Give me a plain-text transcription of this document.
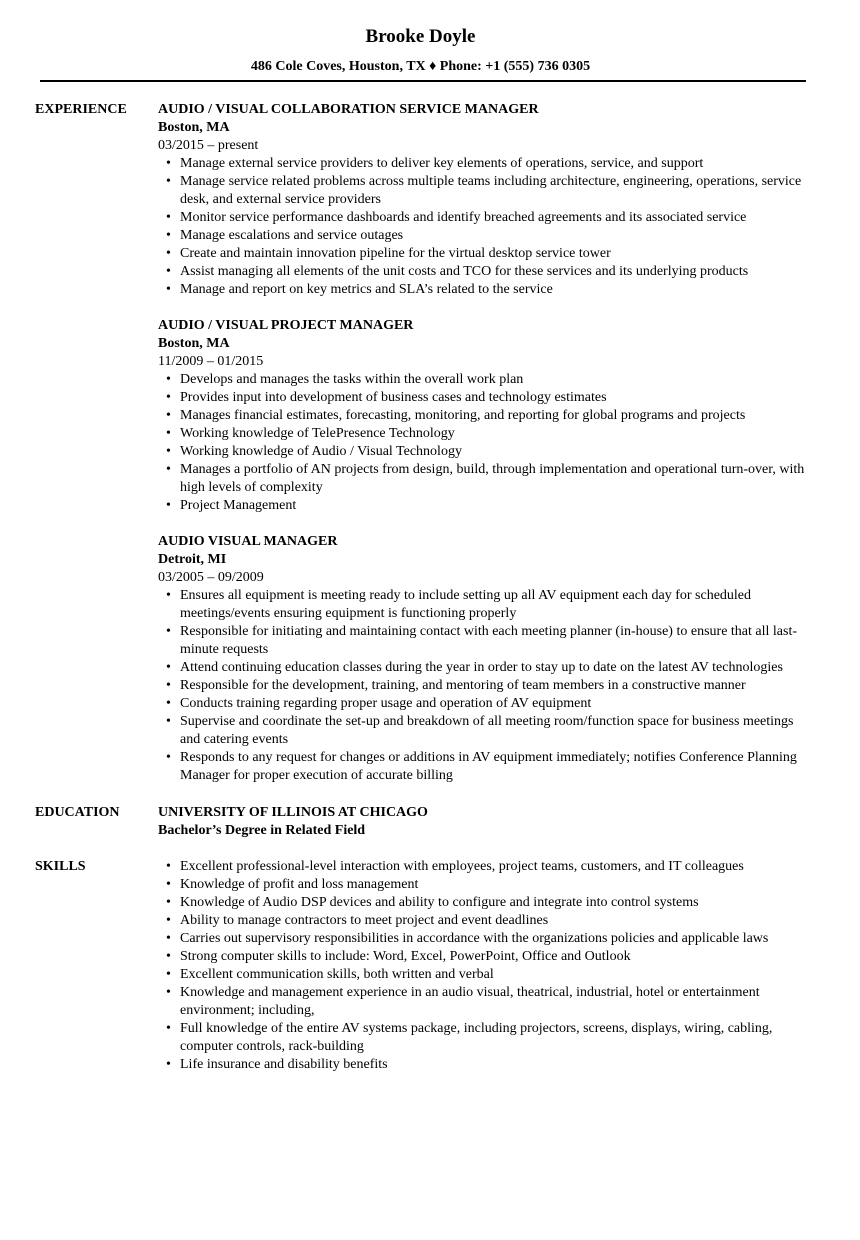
Brooke Doyle
486 Cole Coves, Houston, TX ♦ Phone: +1 (555) 736 0305
EXPERIENCE	AUDIO / VISUAL COLLABORATION SERVICE MANAGER
Boston, MA
03/2015 – present
• Manage external service providers to deliver key elements of operations, service, and support
• Manage service related problems across multiple teams including architecture, engineering, operations, service desk, and external service providers
• Monitor service performance dashboards and identify breached agreements and its associated service
• Manage escalations and service outages
• Create and maintain innovation pipeline for the virtual desktop service tower
• Assist managing all elements of the unit costs and TCO for these services and its underlying products
• Manage and report on key metrics and SLA’s related to the service
AUDIO / VISUAL PROJECT MANAGER
Boston, MA
11/2009 – 01/2015
• Develops and manages the tasks within the overall work plan
• Provides input into development of business cases and technology estimates
• Manages financial estimates, forecasting, monitoring, and reporting for global programs and projects
• Working knowledge of TelePresence Technology
• Working knowledge of Audio / Visual Technology
• Manages a portfolio of AN projects from design, build, through implementation and operational turn-over, with high levels of complexity
• Project Management
AUDIO VISUAL MANAGER
Detroit, MI
03/2005 – 09/2009
• Ensures all equipment is meeting ready to include setting up all AV equipment each day for scheduled meetings/events ensuring equipment is functioning properly
• Responsible for initiating and maintaining contact with each meeting planner (in-house) to ensure that all last-minute requests
• Attend continuing education classes during the year in order to stay up to date on the latest AV technologies
• Responsible for the development, training, and mentoring of team members in a constructive manner
• Conducts training regarding proper usage and operation of AV equipment
• Supervise and coordinate the set-up and breakdown of all meeting room/function space for business meetings and catering events
• Responds to any request for changes or additions in AV equipment immediately; notifies Conference Planning Manager for proper execution of accurate billing
EDUCATION	UNIVERSITY OF ILLINOIS AT CHICAGO
Bachelor’s Degree in Related Field
SKILLS
•	Excellent professional-level interaction with employees, project teams, customers, and IT colleagues
• Knowledge of profit and loss management
• Knowledge of Audio DSP devices and ability to configure and integrate into control systems
• Ability to manage contractors to meet project and event deadlines
• Carries out supervisory responsibilities in accordance with the organizations policies and applicable laws
• Strong computer skills to include: Word, Excel, PowerPoint, Office and Outlook
• Excellent communication skills, both written and verbal
• Knowledge and management experience in an audio visual, theatrical, industrial, hotel or entertainment environment; including,
• Full knowledge of the entire AV systems package, including projectors, screens, displays, wiring, cabling, computer controls, rack-building
• Life insurance and disability benefits
